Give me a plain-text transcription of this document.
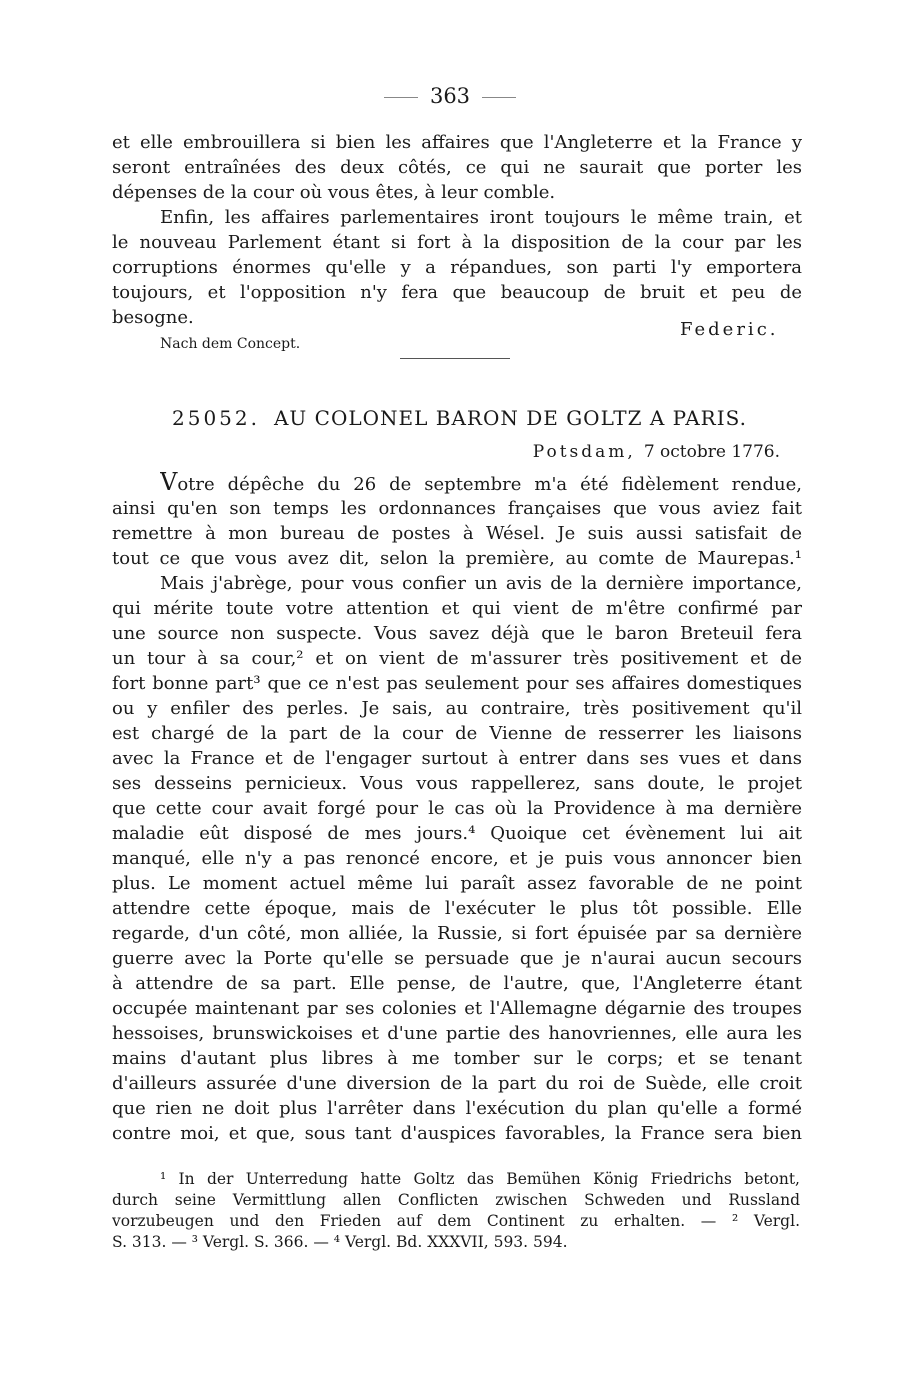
363
et elle embrouillera si bien les affaires que l'Angleterre et la France y
seront entraînées des deux côtés, ce qui ne saurait que porter les
dépenses de la cour où vous êtes, à leur comble.
Enfin, les affaires parlementaires iront toujours le même train, et
le nouveau Parlement étant si fort à la disposition de la cour par les
corruptions énormes qu'elle y a répandues, son parti l'y emportera
toujours, et l'opposition n'y fera que beaucoup de bruit et peu de
besogne.
Federic.
Nach dem Concept.
25052. AU COLONEL BARON DE GOLTZ A PARIS.
Potsdam, 7 octobre 1776.
Votre dépêche du 26 de septembre m'a été fidèlement rendue,
ainsi qu'en son temps les ordonnances françaises que vous aviez fait
remettre à mon bureau de postes à Wésel. Je suis aussi satisfait de
tout ce que vous avez dit, selon la première, au comte de Maurepas.¹
Mais j'abrège, pour vous confier un avis de la dernière importance,
qui mérite toute votre attention et qui vient de m'être confirmé par
une source non suspecte. Vous savez déjà que le baron Breteuil fera
un tour à sa cour,² et on vient de m'assurer très positivement et de
fort bonne part³ que ce n'est pas seulement pour ses affaires domestiques
ou y enfiler des perles. Je sais, au contraire, très positivement qu'il
est chargé de la part de la cour de Vienne de resserrer les liaisons
avec la France et de l'engager surtout à entrer dans ses vues et dans
ses desseins pernicieux. Vous vous rappellerez, sans doute, le projet
que cette cour avait forgé pour le cas où la Providence à ma dernière
maladie eût disposé de mes jours.⁴ Quoique cet évènement lui ait
manqué, elle n'y a pas renoncé encore, et je puis vous annoncer bien
plus. Le moment actuel même lui paraît assez favorable de ne point
attendre cette époque, mais de l'exécuter le plus tôt possible. Elle
regarde, d'un côté, mon alliée, la Russie, si fort épuisée par sa dernière
guerre avec la Porte qu'elle se persuade que je n'aurai aucun secours
à attendre de sa part. Elle pense, de l'autre, que, l'Angleterre étant
occupée maintenant par ses colonies et l'Allemagne dégarnie des troupes
hessoises, brunswickoises et d'une partie des hanovriennes, elle aura les
mains d'autant plus libres à me tomber sur le corps; et se tenant
d'ailleurs assurée d'une diversion de la part du roi de Suède, elle croit
que rien ne doit plus l'arrêter dans l'exécution du plan qu'elle a formé
contre moi, et que, sous tant d'auspices favorables, la France sera bien
¹ In der Unterredung hatte Goltz das Bemühen König Friedrichs betont,
durch seine Vermittlung allen Conflicten zwischen Schweden und Russland
vorzubeugen und den Frieden auf dem Continent zu erhalten. — ² Vergl.
S. 313. — ³ Vergl. S. 366. — ⁴ Vergl. Bd. XXXVII, 593. 594.
